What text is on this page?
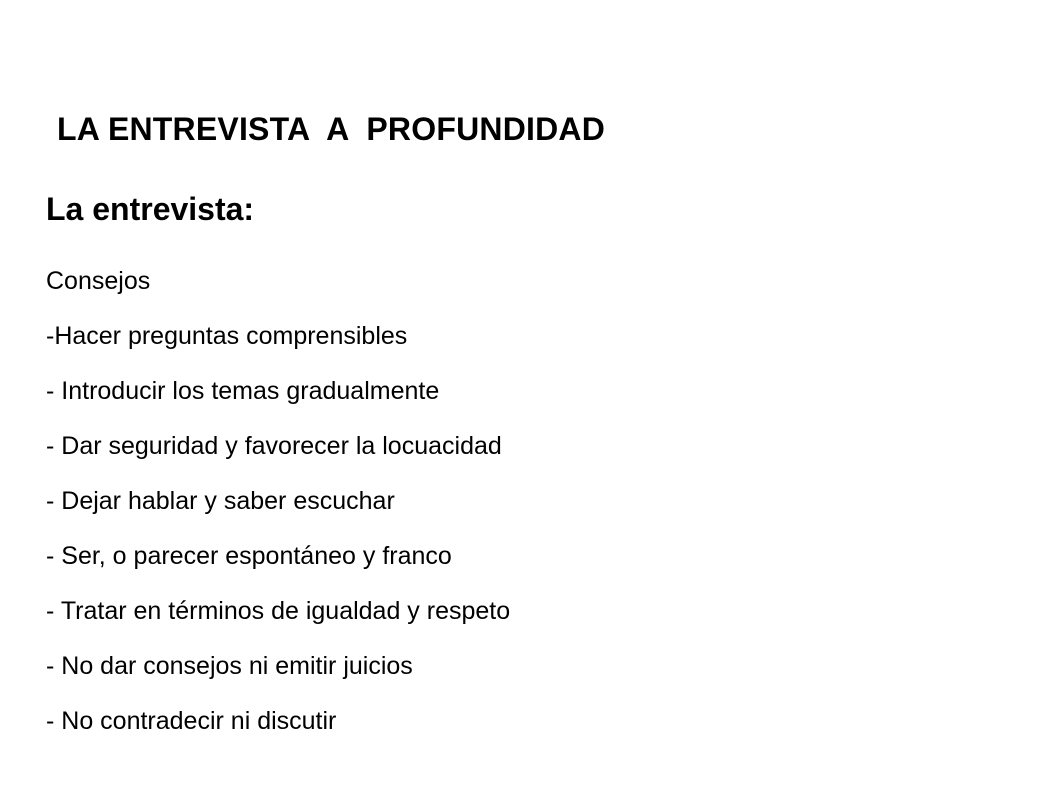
LA ENTREVISTA  A  PROFUNDIDAD
La entrevista:
Consejos
-Hacer preguntas comprensibles
- Introducir los temas gradualmente
- Dar seguridad y favorecer la locuacidad
- Dejar hablar y saber escuchar
- Ser, o parecer espontáneo y franco
- Tratar en términos de igualdad y respeto
- No dar consejos ni emitir juicios
- No contradecir ni discutir
